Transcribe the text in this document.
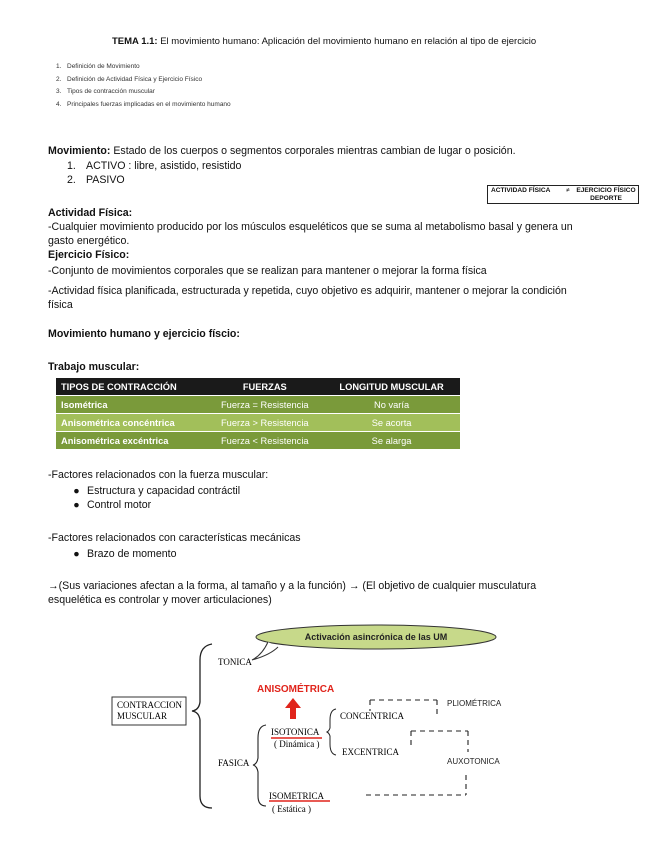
TEMA 1.1: El movimiento humano: Aplicación del movimiento humano en relación al tipo de ejercicio
1. Definición de Movimiento
2. Definición de Actividad Física y Ejercicio Físico
3. Tipos de contracción muscular
4. Principales fuerzas implicadas en el movimiento humano
Movimiento: Estado de los cuerpos o segmentos corporales mientras cambian de lugar o posición.
1. ACTIVO : libre, asistido, resistido
2. PASIVO
ACTIVIDAD FÍSICA ≠ EJERCICIO FÍSICO DEPORTE
Actividad Física:
-Cualquier movimiento producido por los músculos esqueléticos que se suma al metabolismo basal y genera un
gasto energético.
Ejercicio Físico:
-Conjunto de movimientos corporales que se realizan para mantener o mejorar la forma física
-Actividad física planificada, estructurada y repetida, cuyo objetivo es adquirir, mantener o mejorar la condición
física
Movimiento humano y ejercicio físcio:
Trabajo muscular:
TIPOS DE CONTRACCIÓN	FUERZAS	LONGITUD MUSCULAR
Isométrica	Fuerza = Resistencia	No varía
Anisométrica concéntrica	Fuerza > Resistencia	Se acorta
Anisométrica excéntrica	Fuerza < Resistencia	Se alarga
-Factores relacionados con la fuerza muscular:
● Estructura y capacidad contráctil
● Control motor
-Factores relacionados con características mecánicas
● Brazo de momento
→(Sus variaciones afectan a la forma, al tamaño y a la función) → (El objetivo de cualquier musculatura
esquelética es controlar y mover articulaciones)
Activación asincrónica de las UM
CONTRACCION
MUSCULAR
TONICA
FASICA
ANISOMÉTRICA
ISOTONICA
( Dinámica )
CONCENTRICA
EXCENTRICA
PLIOMÉTRICA
AUXOTONICA
ISOMETRICA
( Estática )
